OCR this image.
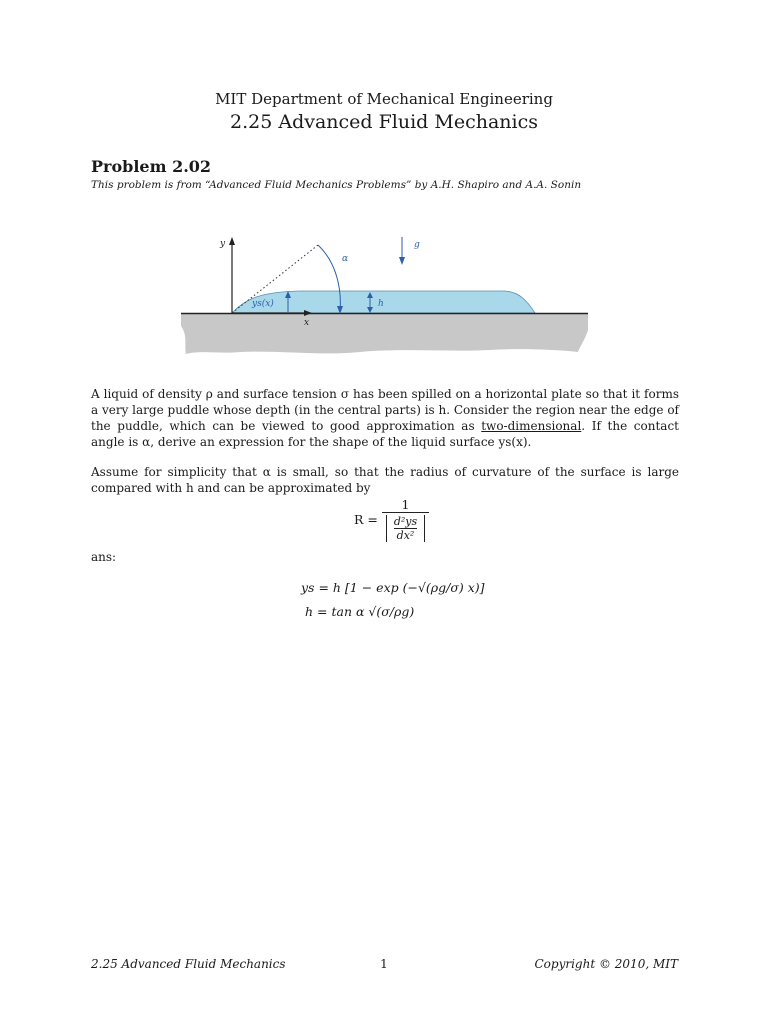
MIT Department of Mechanical Engineering
2.25 Advanced Fluid Mechanics
Problem 2.02
This problem is from “Advanced Fluid Mechanics Problems” by A.H. Shapiro and A.A. Sonin
y
x
α
g
h
ys(x)
A liquid of density ρ and surface tension σ has been spilled on a horizontal plate so that it forms a very large puddle whose depth (in the central parts) is h. Consider the region near the edge of the puddle, which can be viewed to good approximation as two-dimensional. If the contact angle is α, derive an expression for the shape of the liquid surface ys(x).
Assume for simplicity that α is small, so that the radius of curvature of the surface is large compared with h and can be approximated by
$R = \frac{1}{\frac{\text{d²ys}}{\text{dx²}}}$
ans:
ys = h [1 − exp (−√(ρg/σ) x)]
h = tan α √(σ/ρg)
2.25 Advanced Fluid Mechanics	1	Copyright © 2010, MIT
